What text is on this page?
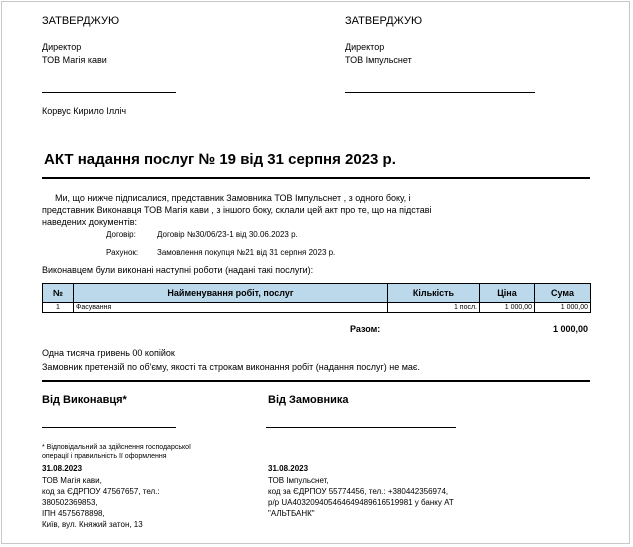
ЗАТВЕРДЖУЮ
Директор
ТОВ Магія кави
Корвус Кирило Ілліч
ЗАТВЕРДЖУЮ
Директор
ТОВ Імпульснет
АКТ надання послуг № 19 від 31 серпня 2023 р.
Ми, що нижче підписалися, представник Замовника ТОВ Імпульснет , з одного боку, і
представник Виконавця ТОВ Магія кави , з іншого боку, склали цей акт про те, що на підставі
наведених документів:
Договір:	Договір №30/06/23-1 від 30.06.2023 р.
Рахунок: Замовлення покупця №21 від 31 серпня 2023 р.
Виконавцем були виконані наступні роботи (надані такі послуги):
№	Найменування робіт, послуг	Кількість	Ціна	Сума
1	Фасування	1 посл.	1 000,00	1 000,00
Разом:	1 000,00
Одна тисяча гривень 00 копійок
Замовник претензій по об'єму, якості та строкам виконання робіт (надання послуг) не має.
Від Виконавця*	Від Замовника
* Відповідальний за здійснення господарської
операції і правильність її оформлення
31.08.2023
ТОВ Магія кави,
код за ЄДРПОУ 47567657, тел.:
380502369853,
ІПН 4575678898,
Київ, вул. Княжий затон, 13
31.08.2023
ТОВ Імпульснет,
код за ЄДРПОУ 55774456, тел.: +380442356974,
р/р UA403209405464649489616519981 у банку АТ
"АЛЬТБАНК"
